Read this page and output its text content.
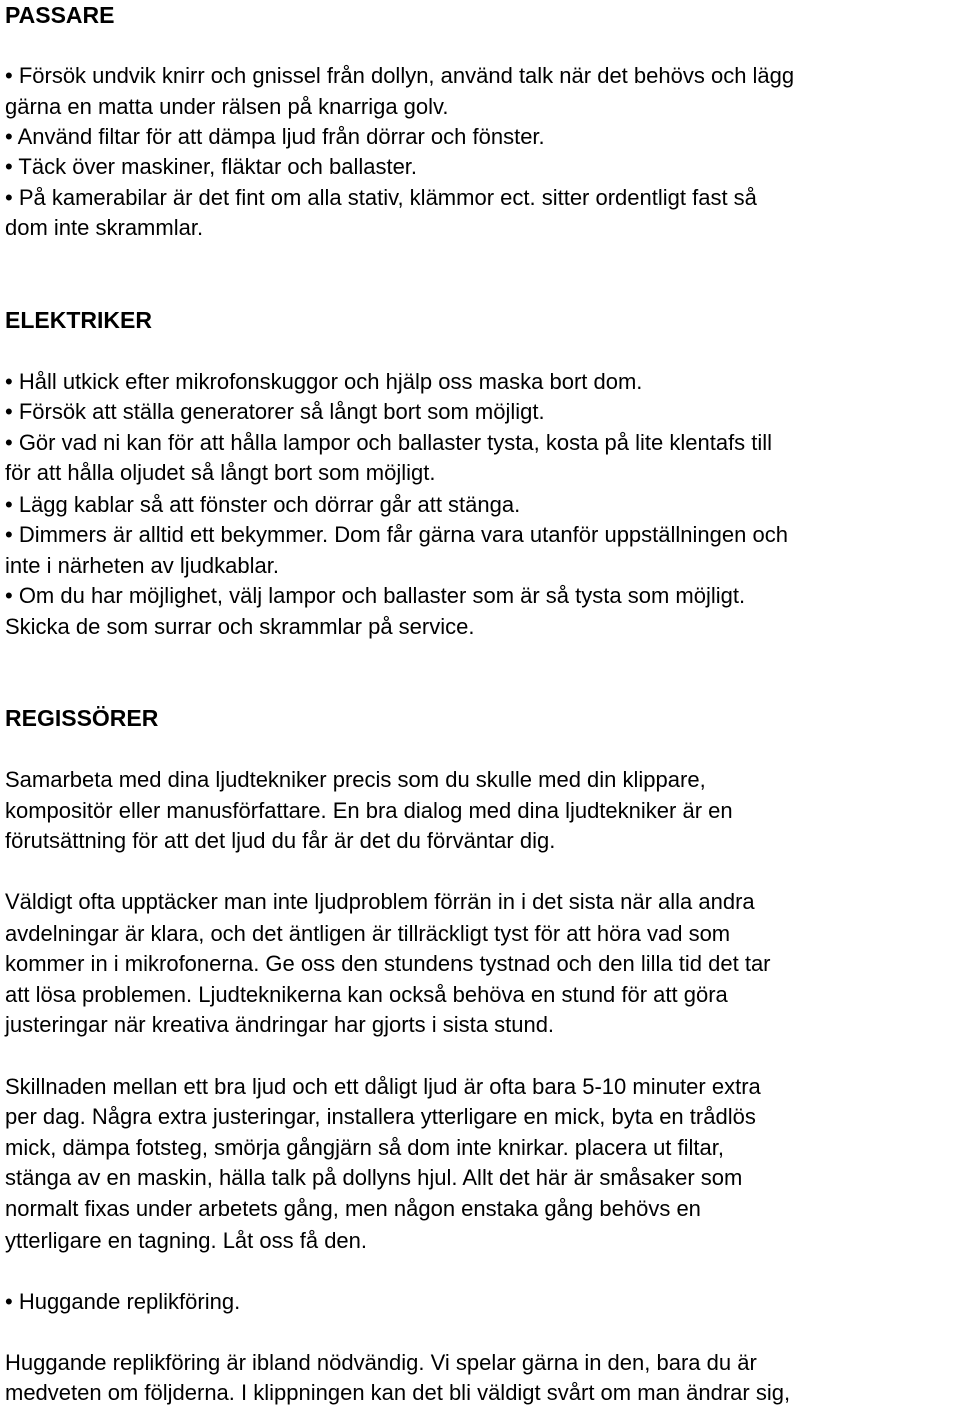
PASSARE

• Försök undvik knirr och gnissel från dollyn, använd talk när det behövs och lägg

gärna en matta under rälsen på knarriga golv.

• Använd filtar för att dämpa ljud från dörrar och fönster.

• Täck över maskiner, fläktar och ballaster.

• På kamerabilar är det fint om alla stativ, klämmor ect. sitter ordentligt fast så

dom inte skrammlar.

ELEKTRIKER

• Håll utkick efter mikrofonskuggor och hjälp oss maska bort dom.

• Försök att ställa generatorer så långt bort som möjligt.

• Gör vad ni kan för att hålla lampor och ballaster tysta, kosta på lite klentafs till

för att hålla oljudet så långt bort som möjligt.

• Lägg kablar så att fönster och dörrar går att stänga.

• Dimmers är alltid ett bekymmer. Dom får gärna vara utanför uppställningen och

inte i närheten av ljudkablar.

• Om du har möjlighet, välj lampor och ballaster som är så tysta som möjligt.

Skicka de som surrar och skrammlar på service.

REGISSÖRER

Samarbeta med dina ljudtekniker precis som du skulle med din klippare,

kompositör eller manusförfattare. En bra dialog med dina ljudtekniker är en

förutsättning för att det ljud du får är det du förväntar dig.

Väldigt ofta upptäcker man inte ljudproblem förrän in i det sista när alla andra

avdelningar är klara, och det äntligen är tillräckligt tyst för att höra vad som

kommer in i mikrofonerna. Ge oss den stundens tystnad och den lilla tid det tar

att lösa problemen. Ljudteknikerna kan också behöva en stund för att göra

justeringar när kreativa ändringar har gjorts i sista stund.

Skillnaden mellan ett bra ljud och ett dåligt ljud är ofta bara 5-10 minuter extra

per dag. Några extra justeringar, installera ytterligare en mick, byta en trådlös

mick, dämpa fotsteg, smörja gångjärn så dom inte knirkar. placera ut filtar,

stänga av en maskin, hälla talk på dollyns hjul. Allt det här är småsaker som

normalt fixas under arbetets gång, men någon enstaka gång behövs en

ytterligare en tagning. Låt oss få den.

• Huggande replikföring.

Huggande replikföring är ibland nödvändig. Vi spelar gärna in den, bara du är

medveten om följderna. I klippningen kan det bli väldigt svårt om man ändrar sig,
